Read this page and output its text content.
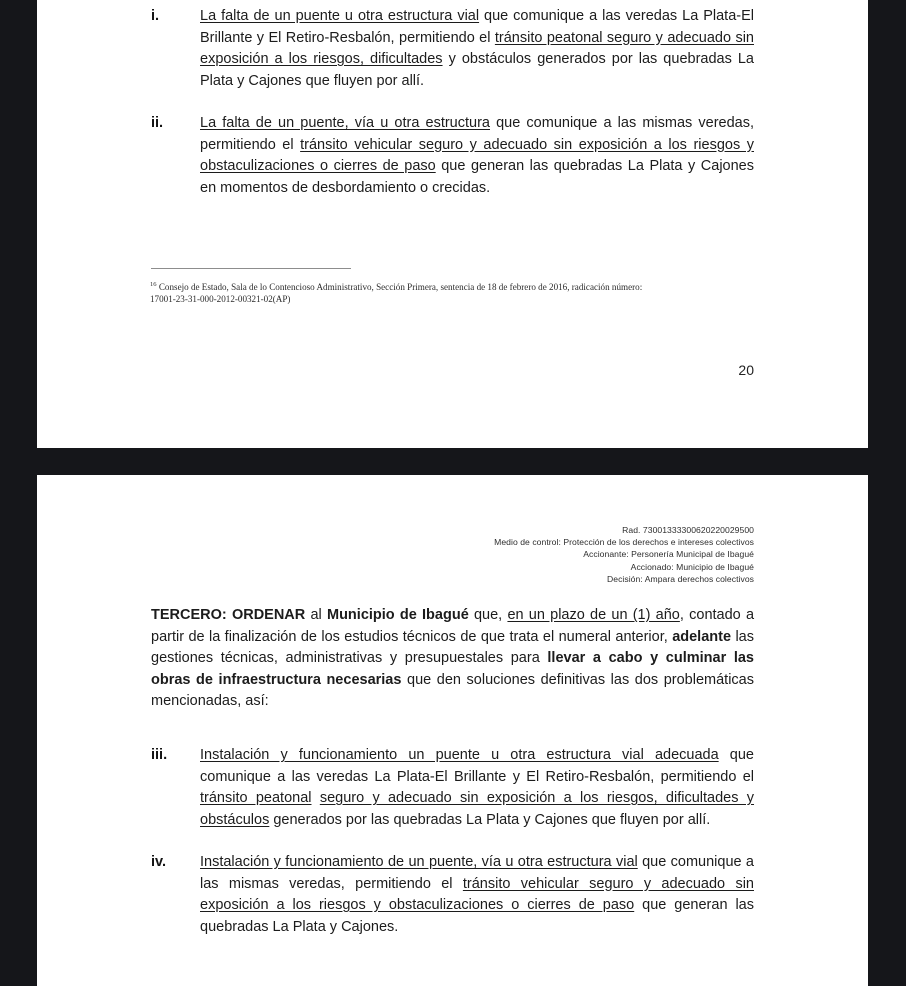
i.	La falta de un puente u otra estructura vial que comunique a las veredas La Plata-El Brillante y El Retiro-Resbalón, permitiendo el tránsito peatonal seguro y adecuado sin exposición a los riesgos, dificultades y obstáculos generados por las quebradas La Plata y Cajones que fluyen por allí.

ii.	La falta de un puente, vía u otra estructura que comunique a las mismas veredas, permitiendo el tránsito vehicular seguro y adecuado sin exposición a los riesgos y obstaculizaciones o cierres de paso que generan las quebradas La Plata y Cajones en momentos de desbordamiento o crecidas.

$^{16}$ Consejo de Estado, Sala de lo Contencioso Administrativo, Sección Primera, sentencia de 18 de febrero de 2016, radicación número:
17001-23-31-000-2012-00321-02(AP)
20
Rad. 73001333300620220029500
Medio de control: Protección de los derechos e intereses colectivos
Accionante: Personería Municipal de Ibagué
Accionado: Municipio de Ibagué
Decisión: Ampara derechos colectivos

TERCERO: ORDENAR al Municipio de Ibagué que, en un plazo de un (1) año, contado a partir de la finalización de los estudios técnicos de que trata el numeral anterior, adelante las gestiones técnicas, administrativas y presupuestales para llevar a cabo y culminar las obras de infraestructura necesarias que den soluciones definitivas las dos problemáticas mencionadas, así:

iii. Instalación y funcionamiento un puente u otra estructura vial adecuada que comunique a las veredas La Plata-El Brillante y El Retiro-Resbalón, permitiendo el tránsito peatonal seguro y adecuado sin exposición a los riesgos, dificultades y obstáculos generados por las quebradas La Plata y Cajones que fluyen por allí.

iv. Instalación y funcionamiento de un puente, vía u otra estructura vial que comunique a las mismas veredas, permitiendo el tránsito vehicular seguro y adecuado sin exposición a los riesgos y obstaculizaciones o cierres de paso que generan las quebradas La Plata y Cajones.
